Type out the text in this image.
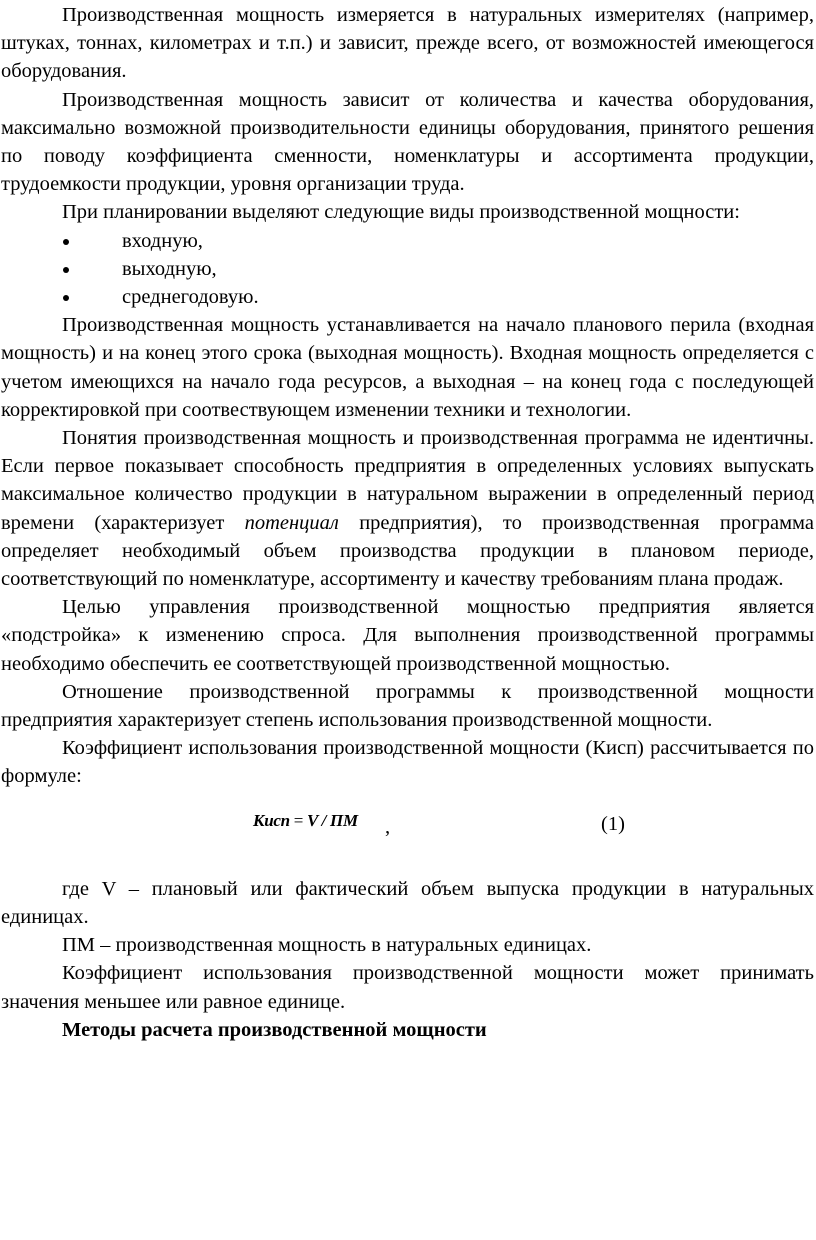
Производственная мощность измеряется в натуральных измерителях (например, штуках, тоннах, километрах и т.п.) и зависит, прежде всего, от возможностей имеющегося оборудования.

Производственная мощность зависит от количества и качества оборудования, максимально возможной производительности единицы оборудования, принятого решения по поводу коэффициента сменности, номенклатуры и ассортимента продукции, трудоемкости продукции, уровня организации труда.

При планировании выделяют следующие виды производственной мощности:

входную,
выходную,
среднегодовую.

Производственная мощность устанавливается на начало планового перила (входная мощность) и на конец этого срока (выходная мощность). Входная мощность определяется с учетом имеющихся на начало года ресурсов, а выходная – на конец года с последующей корректировкой при соотвествующем изменении техники и технологии.

Понятия производственная мощность и производственная программа не идентичны. Если первое показывает способность предприятия в определенных условиях выпускать максимальное количество продукции в натуральном выражении в определенный период времени (характеризует потенциал предприятия), то производственная программа определяет необходимый объем производства продукции в плановом периоде, соответствующий по номенклатуре, ассортименту и качеству требованиям плана продаж.

Целью управления производственной мощностью предприятия является «подстройка» к изменению спроса. Для выполнения производственной программы необходимо обеспечить ее соответствующей производственной мощностью.

Отношение производственной программы к производственной мощности предприятия характеризует степень использования производственной мощности.

Коэффициент использования производственной мощности (Кисп) рассчитывается по формуле:

Кисп = V / ПМ ,	(1)

где V – плановый или фактический объем выпуска продукции в натуральных единицах.

ПМ – производственная мощность в натуральных единицах.

Коэффициент использования производственной мощности может принимать значения меньшее или равное единице.

Методы расчета производственной мощности
